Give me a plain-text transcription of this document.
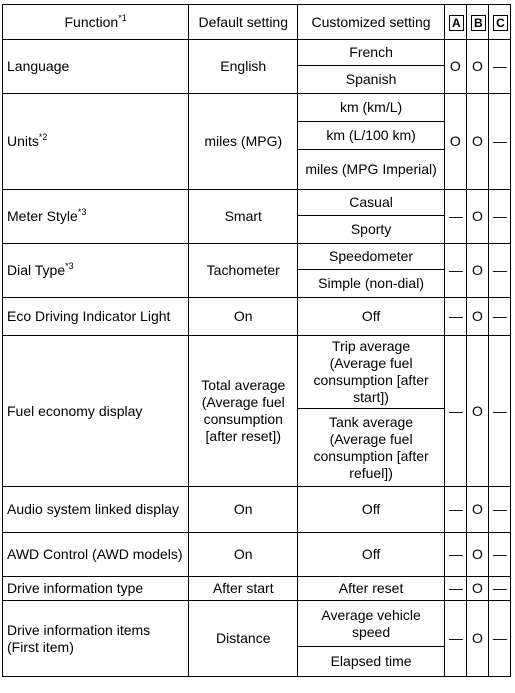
Function$^{*1}$	Default setting	Customized setting	A	B	C
Language	English	French	O	O	—
		Spanish			
Units$^{*2}$	miles (MPG)	km (km/L)	O	O	—
		km (L/100 km)			
		miles (MPG Imperial)			
Meter Style$^{*3}$	Smart	Casual	—	O	—
		Sporty			
Dial Type$^{*3}$	Tachometer	Speedometer	—	O	—
		Simple (non-dial)			
Eco Driving Indicator Light	On	Off	—	O	—
Fuel economy display	Total average (Average fuel consumption [after reset])	Trip average (Average fuel consumption [after start])	—	O	—
		Tank average (Average fuel consumption [after refuel])			
Audio system linked display	On	Off	—	O	—
AWD Control (AWD models)	On	Off	—	O	—
Drive information type	After start	After reset	—	O	—
Drive information items (First item)	Distance	Average vehicle speed	—	O	—
		Elapsed time			
